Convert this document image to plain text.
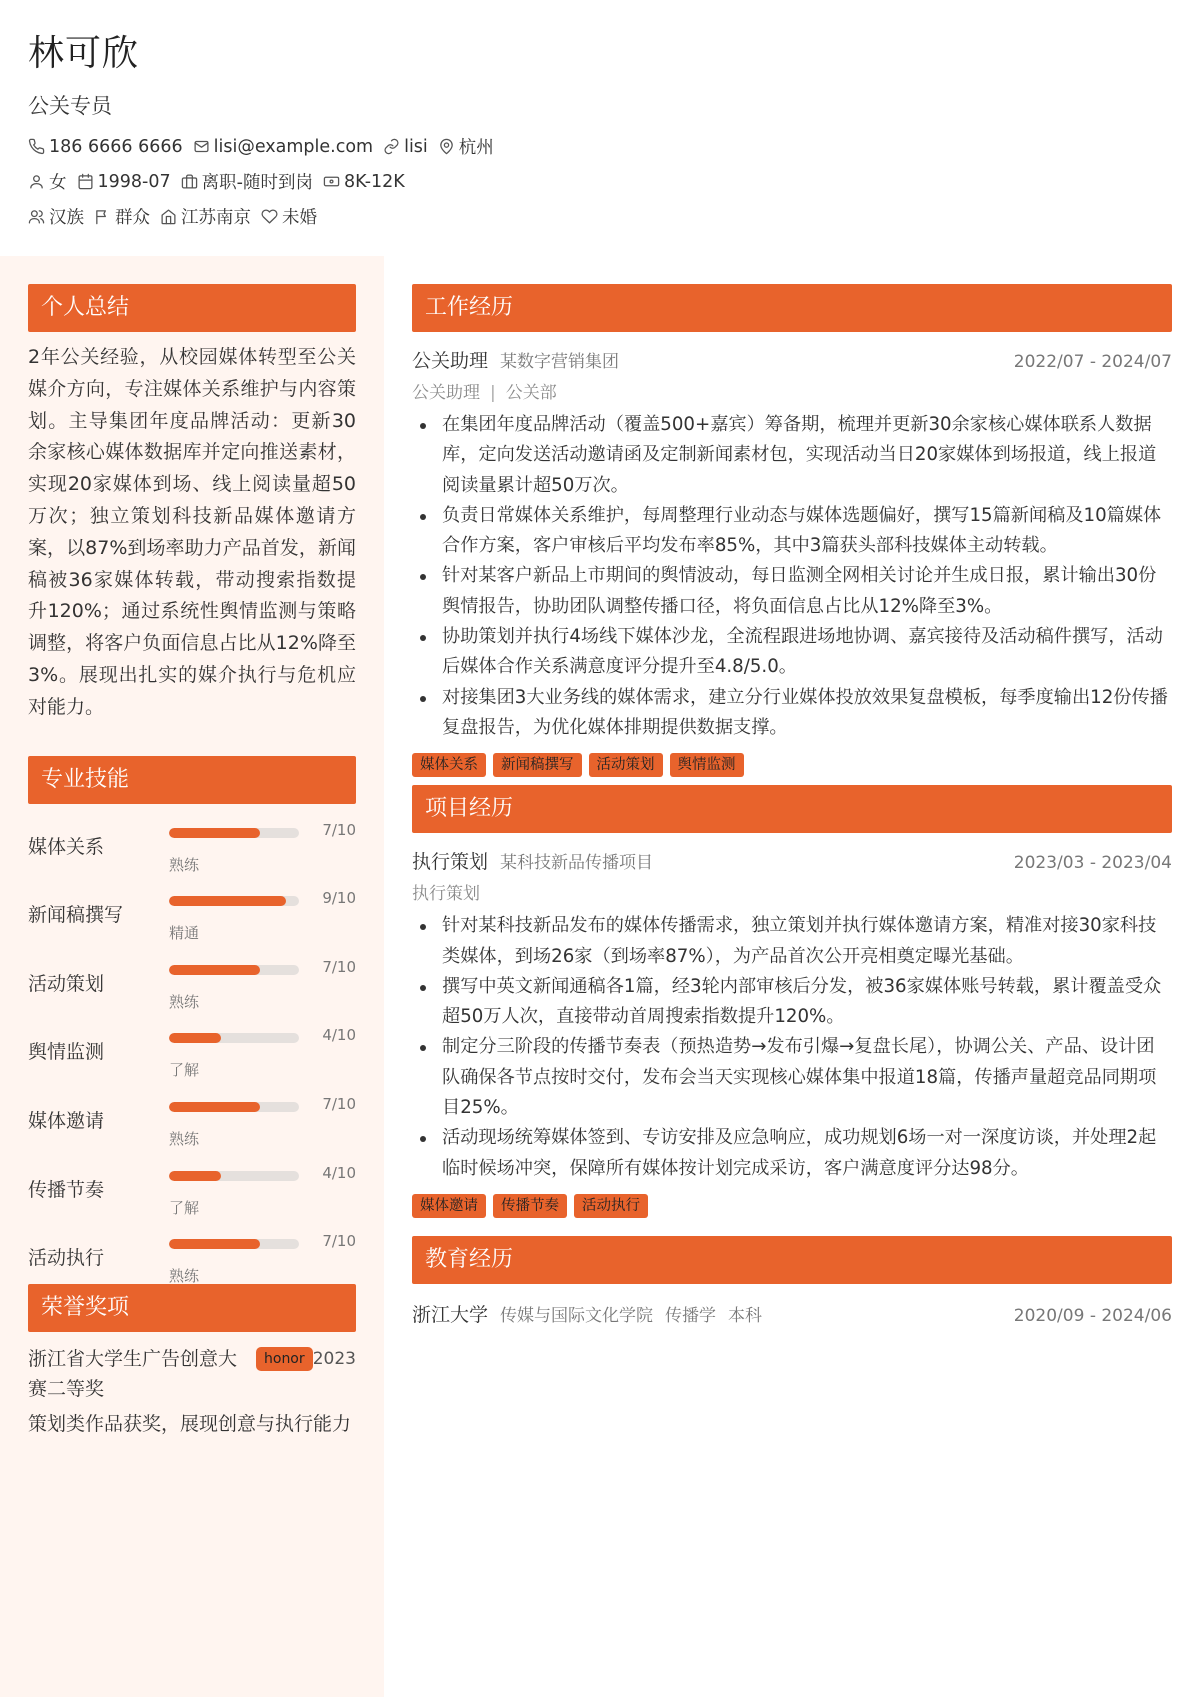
林可欣
公关专员
186 6666 6666 lisi@example.com lisi 杭州
女 1998-07 离职-随时到岗 8K-12K
汉族 群众 江苏南京 未婚
个人总结
2年公关经验，从校园媒体转型至公关媒介方向，专注媒体关系维护与内容策划。主导集团年度品牌活动：更新30余家核心媒体数据库并定向推送素材，实现20家媒体到场、线上阅读量超50万次；独立策划科技新品媒体邀请方案，以87%到场率助力产品首发，新闻稿被36家媒体转载，带动搜索指数提升120%；通过系统性舆情监测与策略调整，将客户负面信息占比从12%降至3%。展现出扎实的媒介执行与危机应对能力。
专业技能
媒体关系
7/10
熟练
新闻稿撰写
9/10
精通
活动策划
7/10
熟练
舆情监测
4/10
了解
媒体邀请
7/10
熟练
传播节奏
4/10
了解
活动执行
7/10
熟练
荣誉奖项
浙江省大学生广告创意大赛二等奖
honor 2023
策划类作品获奖，展现创意与执行能力
工作经历
公关助理 某数字营销集团	2022/07 - 2024/07
公关助理 | 公关部
在集团年度品牌活动（覆盖500+嘉宾）筹备期，梳理并更新30余家核心媒体联系人数据库，定向发送活动邀请函及定制新闻素材包，实现活动当日20家媒体到场报道，线上报道阅读量累计超50万次。
负责日常媒体关系维护，每周整理行业动态与媒体选题偏好，撰写15篇新闻稿及10篇媒体合作方案，客户审核后平均发布率85%，其中3篇获头部科技媒体主动转载。
针对某客户新品上市期间的舆情波动，每日监测全网相关讨论并生成日报，累计输出30份舆情报告，协助团队调整传播口径，将负面信息占比从12%降至3%。
协助策划并执行4场线下媒体沙龙，全流程跟进场地协调、嘉宾接待及活动稿件撰写，活动后媒体合作关系满意度评分提升至4.8/5.0。
对接集团3大业务线的媒体需求，建立分行业媒体投放效果复盘模板，每季度输出12份传播复盘报告，为优化媒体排期提供数据支撑。
媒体关系	新闻稿撰写	活动策划	舆情监测
项目经历
执行策划 某科技新品传播项目	2023/03 - 2023/04
执行策划
针对某科技新品发布的媒体传播需求，独立策划并执行媒体邀请方案，精准对接30家科技类媒体，到场26家（到场率87%），为产品首次公开亮相奠定曝光基础。
撰写中英文新闻通稿各1篇，经3轮内部审核后分发，被36家媒体账号转载，累计覆盖受众超50万人次，直接带动首周搜索指数提升120%。
制定分三阶段的传播节奏表（预热造势→发布引爆→复盘长尾），协调公关、产品、设计团队确保各节点按时交付，发布会当天实现核心媒体集中报道18篇，传播声量超竞品同期项目25%。
活动现场统筹媒体签到、专访安排及应急响应，成功规划6场一对一深度访谈，并处理2起临时候场冲突，保障所有媒体按计划完成采访，客户满意度评分达98分。
媒体邀请	传播节奏	活动执行
教育经历
浙江大学 传媒与国际文化学院 传播学 本科	2020/09 - 2024/06
